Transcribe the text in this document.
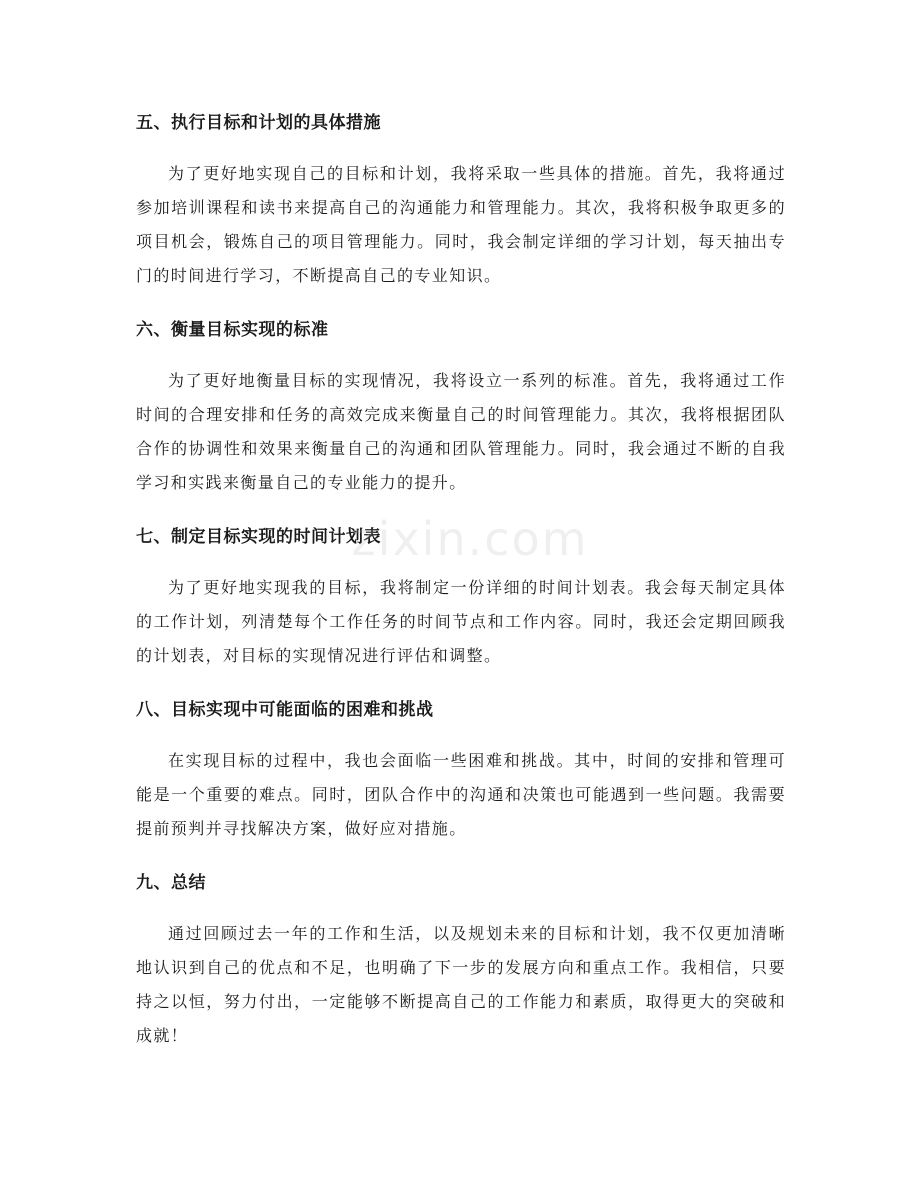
五、执行目标和计划的具体措施

为了更好地实现自己的目标和计划，我将采取一些具体的措施。首先，我将通过参加培训课程和读书来提高自己的沟通能力和管理能力。其次，我将积极争取更多的项目机会，锻炼自己的项目管理能力。同时，我会制定详细的学习计划，每天抽出专门的时间进行学习，不断提高自己的专业知识。

六、衡量目标实现的标准

为了更好地衡量目标的实现情况，我将设立一系列的标准。首先，我将通过工作时间的合理安排和任务的高效完成来衡量自己的时间管理能力。其次，我将根据团队合作的协调性和效果来衡量自己的沟通和团队管理能力。同时，我会通过不断的自我学习和实践来衡量自己的专业能力的提升。

七、制定目标实现的时间计划表

为了更好地实现我的目标，我将制定一份详细的时间计划表。我会每天制定具体的工作计划，列清楚每个工作任务的时间节点和工作内容。同时，我还会定期回顾我的计划表，对目标的实现情况进行评估和调整。

八、目标实现中可能面临的困难和挑战

在实现目标的过程中，我也会面临一些困难和挑战。其中，时间的安排和管理可能是一个重要的难点。同时，团队合作中的沟通和决策也可能遇到一些问题。我需要提前预判并寻找解决方案，做好应对措施。

九、总结

通过回顾过去一年的工作和生活，以及规划未来的目标和计划，我不仅更加清晰地认识到自己的优点和不足，也明确了下一步的发展方向和重点工作。我相信，只要持之以恒，努力付出，一定能够不断提高自己的工作能力和素质，取得更大的突破和成就！

zixin.com
